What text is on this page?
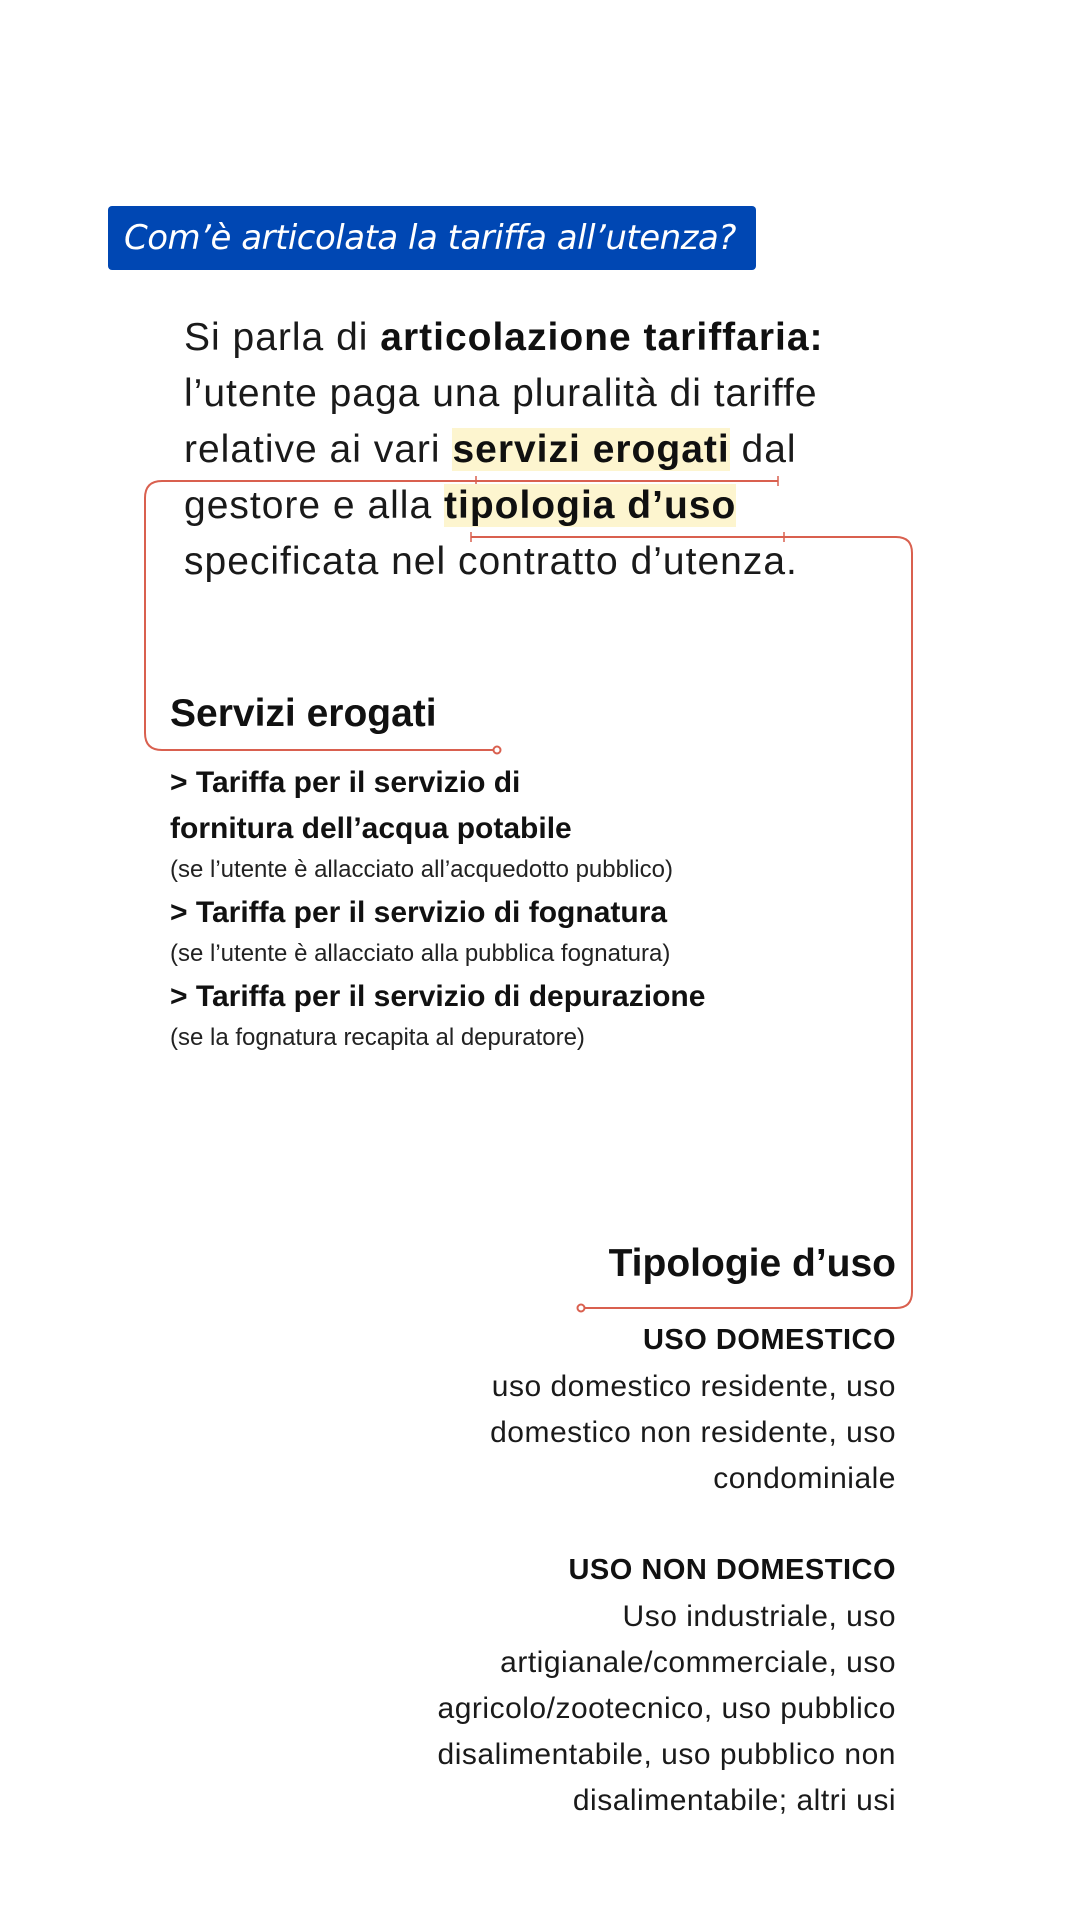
Com’è articolata la tariffa all’utenza?
Si parla di articolazione tariffaria:
l’utente paga una pluralità di tariffe
relative ai vari servizi erogati dal
gestore e alla tipologia d’uso
specificata nel contratto d’utenza.
Servizi erogati
> Tariffa per il servizio di
fornitura dell’acqua potabile
(se l’utente è allacciato all’acquedotto pubblico)
> Tariffa per il servizio di fognatura
(se l’utente è allacciato alla pubblica fognatura)
> Tariffa per il servizio di depurazione
(se la fognatura recapita al depuratore)
Tipologie d’uso
USO DOMESTICO
uso domestico residente, uso
domestico non residente, uso
condominiale
USO NON DOMESTICO
Uso industriale, uso
artigianale/commerciale, uso
agricolo/zootecnico, uso pubblico
disalimentabile, uso pubblico non
disalimentabile; altri usi
